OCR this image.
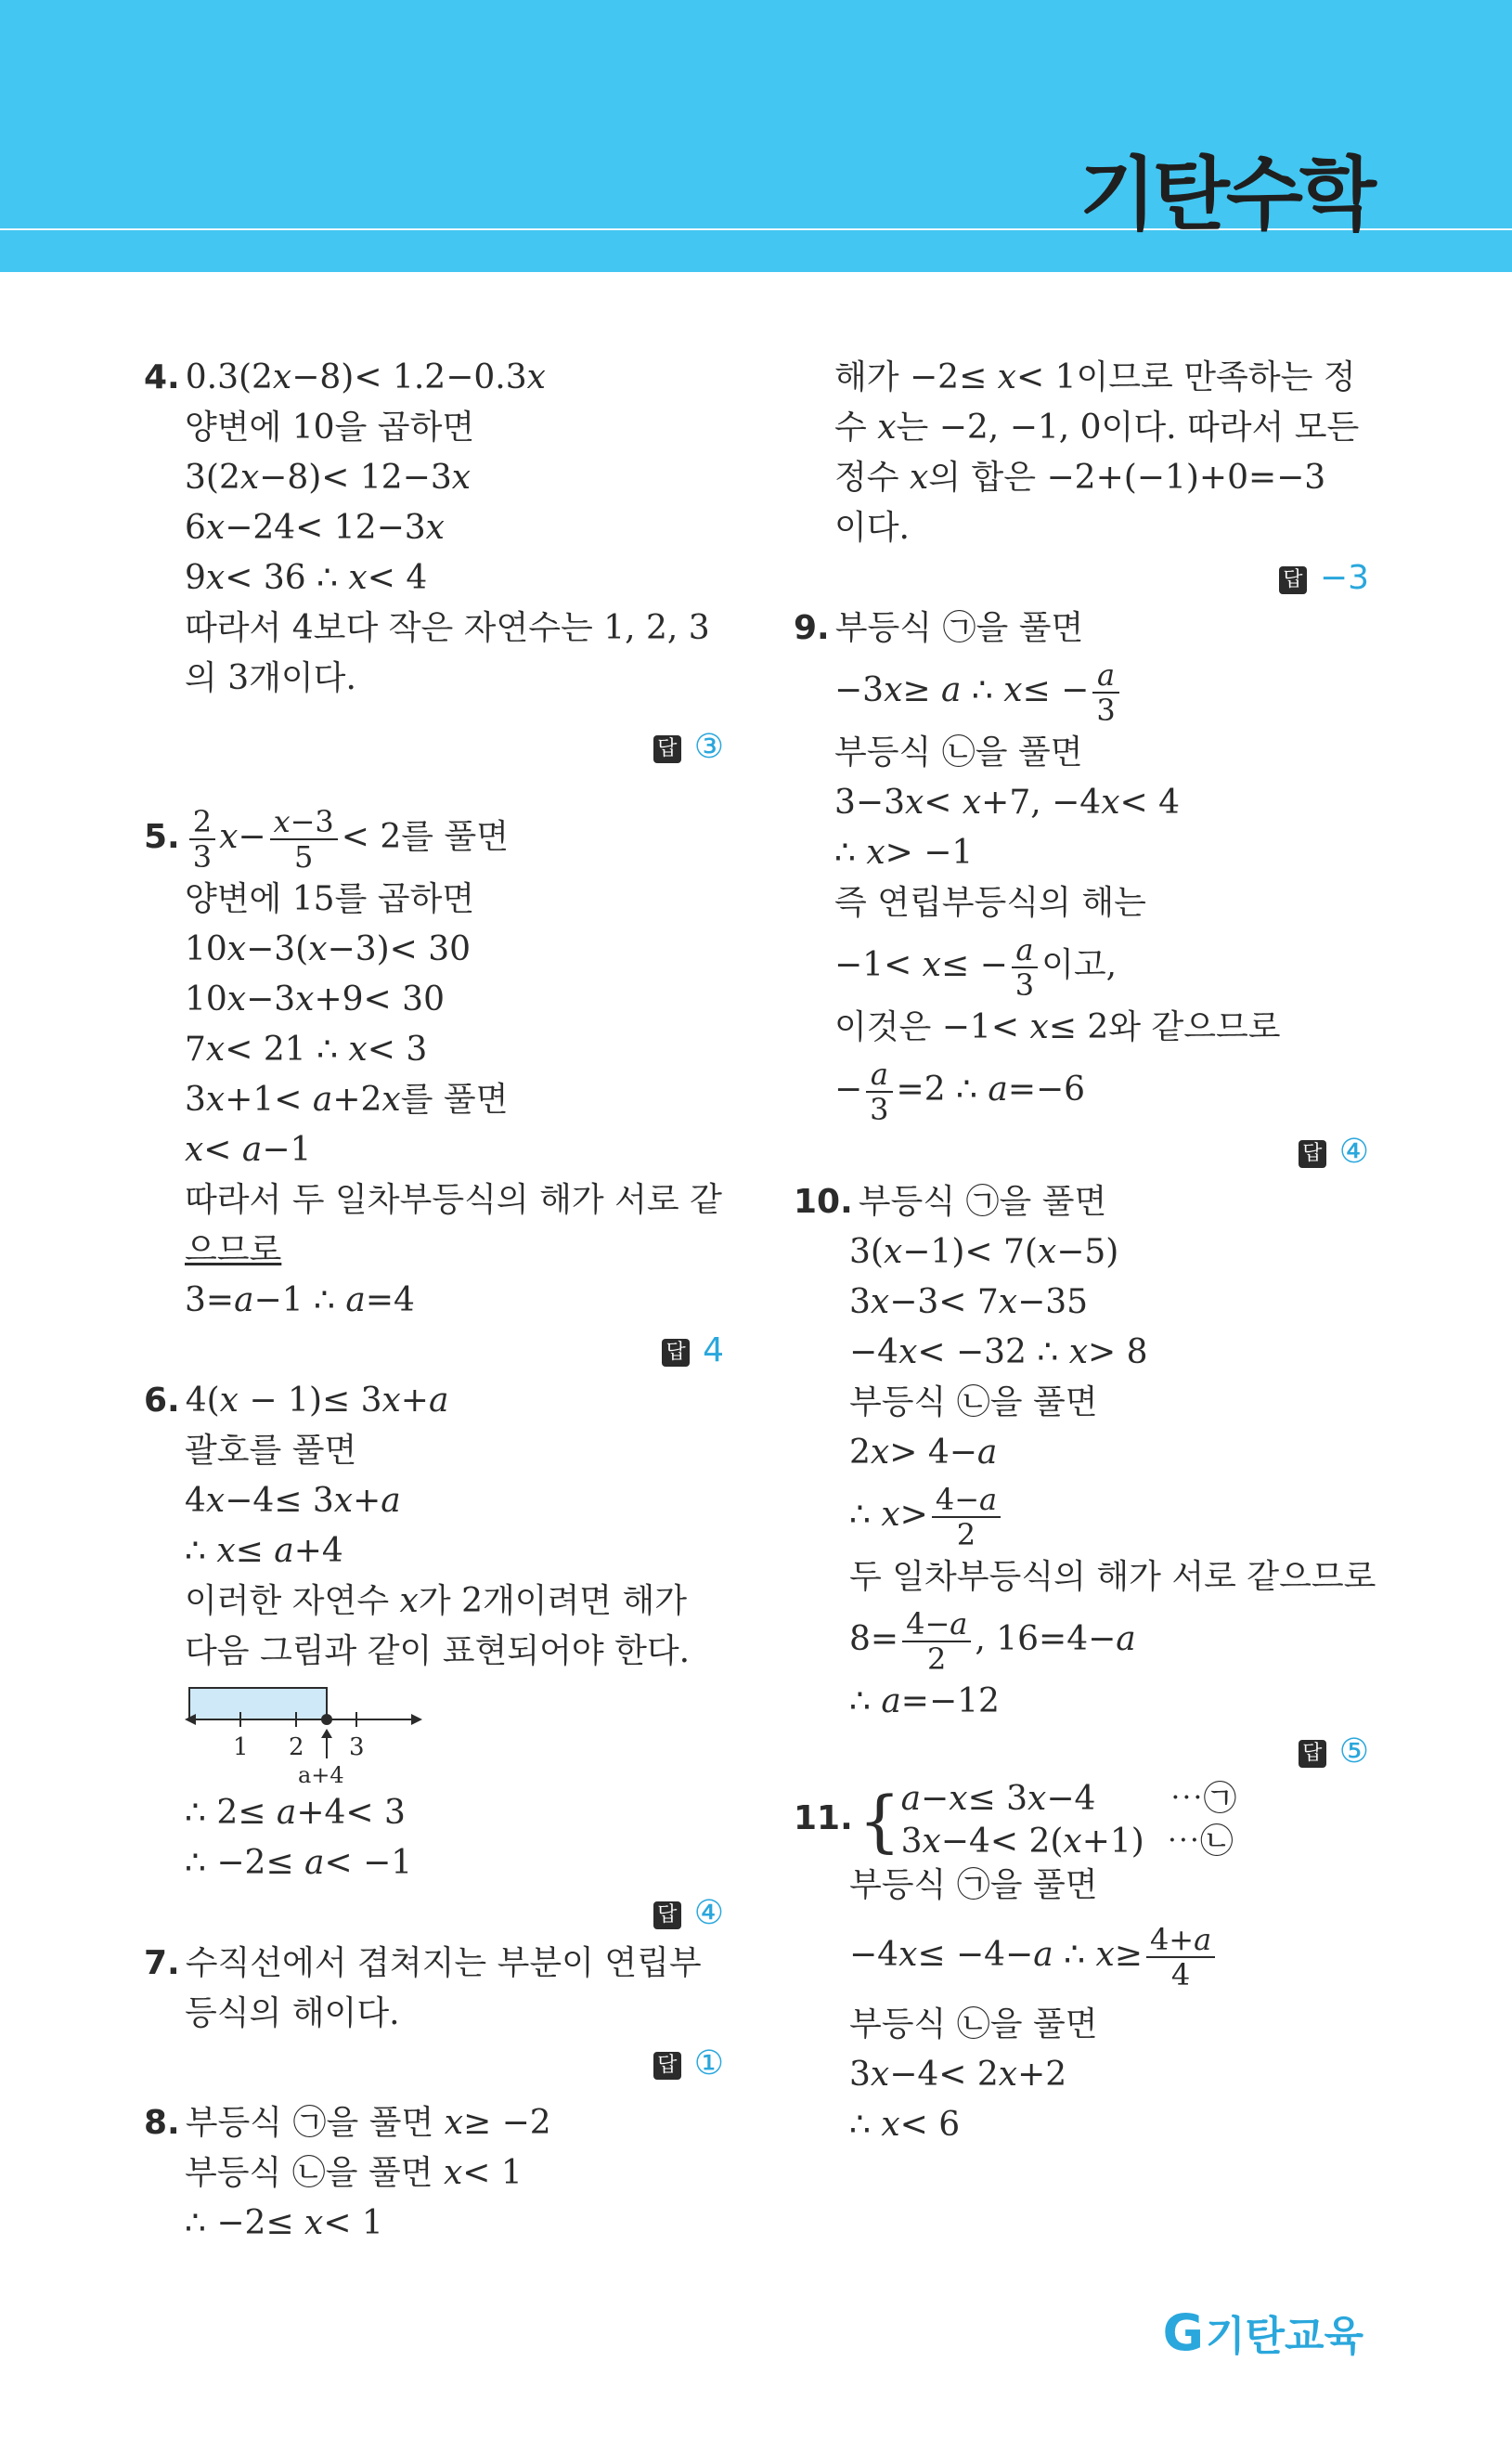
기탄수학
4. 0.3(2𝑥−8)< 1.2−0.3𝑥
양변에 10을 곱하면
3(2𝑥−8)< 12−3𝑥
6𝑥−24< 12−3𝑥
9𝑥< 36 ∴ 𝑥< 4
따라서 4보다 작은 자연수는 1, 2, 3
의 3개이다.
답 ③
5. $\frac{2}{3}$ 𝑥− $\frac{\text{𝑥−3}}{5} < 2$를 풀면
양변에 15를 곱하면
10𝑥−3(𝑥−3)< 30
10𝑥−3𝑥+9< 30
7𝑥< 21 ∴ 𝑥< 3
3𝑥+1< 𝑎+2𝑥를 풀면
𝑥< 𝑎−1
따라서 두 일차부등식의 해가 서로 같
으므로
3=𝑎−1 ∴ 𝑎=4
답 4
6. 4(𝑥 − 1)≤ 3𝑥+𝑎
괄호를 풀면
4𝑥−4≤ 3𝑥+𝑎
∴ 𝑥≤ 𝑎+4
이러한 자연수 𝑥가 2개이려면 해가
다음 그림과 같이 표현되어야 한다.
1 2 3
a+4
∴ 2≤ 𝑎+4< 3
∴ −2≤ 𝑎< −1
답 ④
7. 수직선에서 겹쳐지는 부분이 연립부
등식의 해이다.
답 ①
8. 부등식 ㉠을 풀면 𝑥≥ −2
부등식 ㉡을 풀면 𝑥< 1
∴ −2≤ 𝑥< 1
해가 −2≤ 𝑥< 1이므로 만족하는 정
수 𝑥는 −2, −1, 0이다. 따라서 모든
정수 𝑥의 합은 −2+(−1)+0=−3
이다.
답 −3
9. 부등식 ㉠을 풀면
−3𝑥≥ 𝑎 ∴ 𝑥≤ − $\frac{\text{𝑎}}{3}$
부등식 ㉡을 풀면
3−3𝑥< 𝑥+7, −4𝑥< 4
∴ 𝑥> −1
즉 연립부등식의 해는
−1< 𝑥≤ − $\frac{\text{𝑎}}{3}$ 이고,
이것은 −1< 𝑥≤ 2와 같으므로
− $\frac{\text{𝑎}}{3} =2$ ∴ 𝑎=−6
답 ④
10. 부등식 ㉠을 풀면
3(𝑥−1)< 7(𝑥−5)
3𝑥−3< 7𝑥−35
−4𝑥< −32 ∴ 𝑥> 8
부등식 ㉡을 풀면
2𝑥> 4−𝑎
∴ 𝑥> $\frac{\text{4−𝑎}}{2}$
두 일차부등식의 해가 서로 같으므로
$8= \frac{\text{4−𝑎}}{2}$ , 16=4−𝑎
∴ 𝑎=−12
답 ⑤
11.{ 𝑎−𝑥≤ 3𝑥−4 ⋯㉠
3𝑥−4< 2(𝑥+1) ⋯㉡
부등식 ㉠을 풀면
−4𝑥≤ −4−𝑎 ∴ 𝑥≥ $\frac{\text{4+𝑎}}{4}$
부등식 ㉡을 풀면
3𝑥−4< 2𝑥+2
∴ 𝑥< 6
G기탄교육
